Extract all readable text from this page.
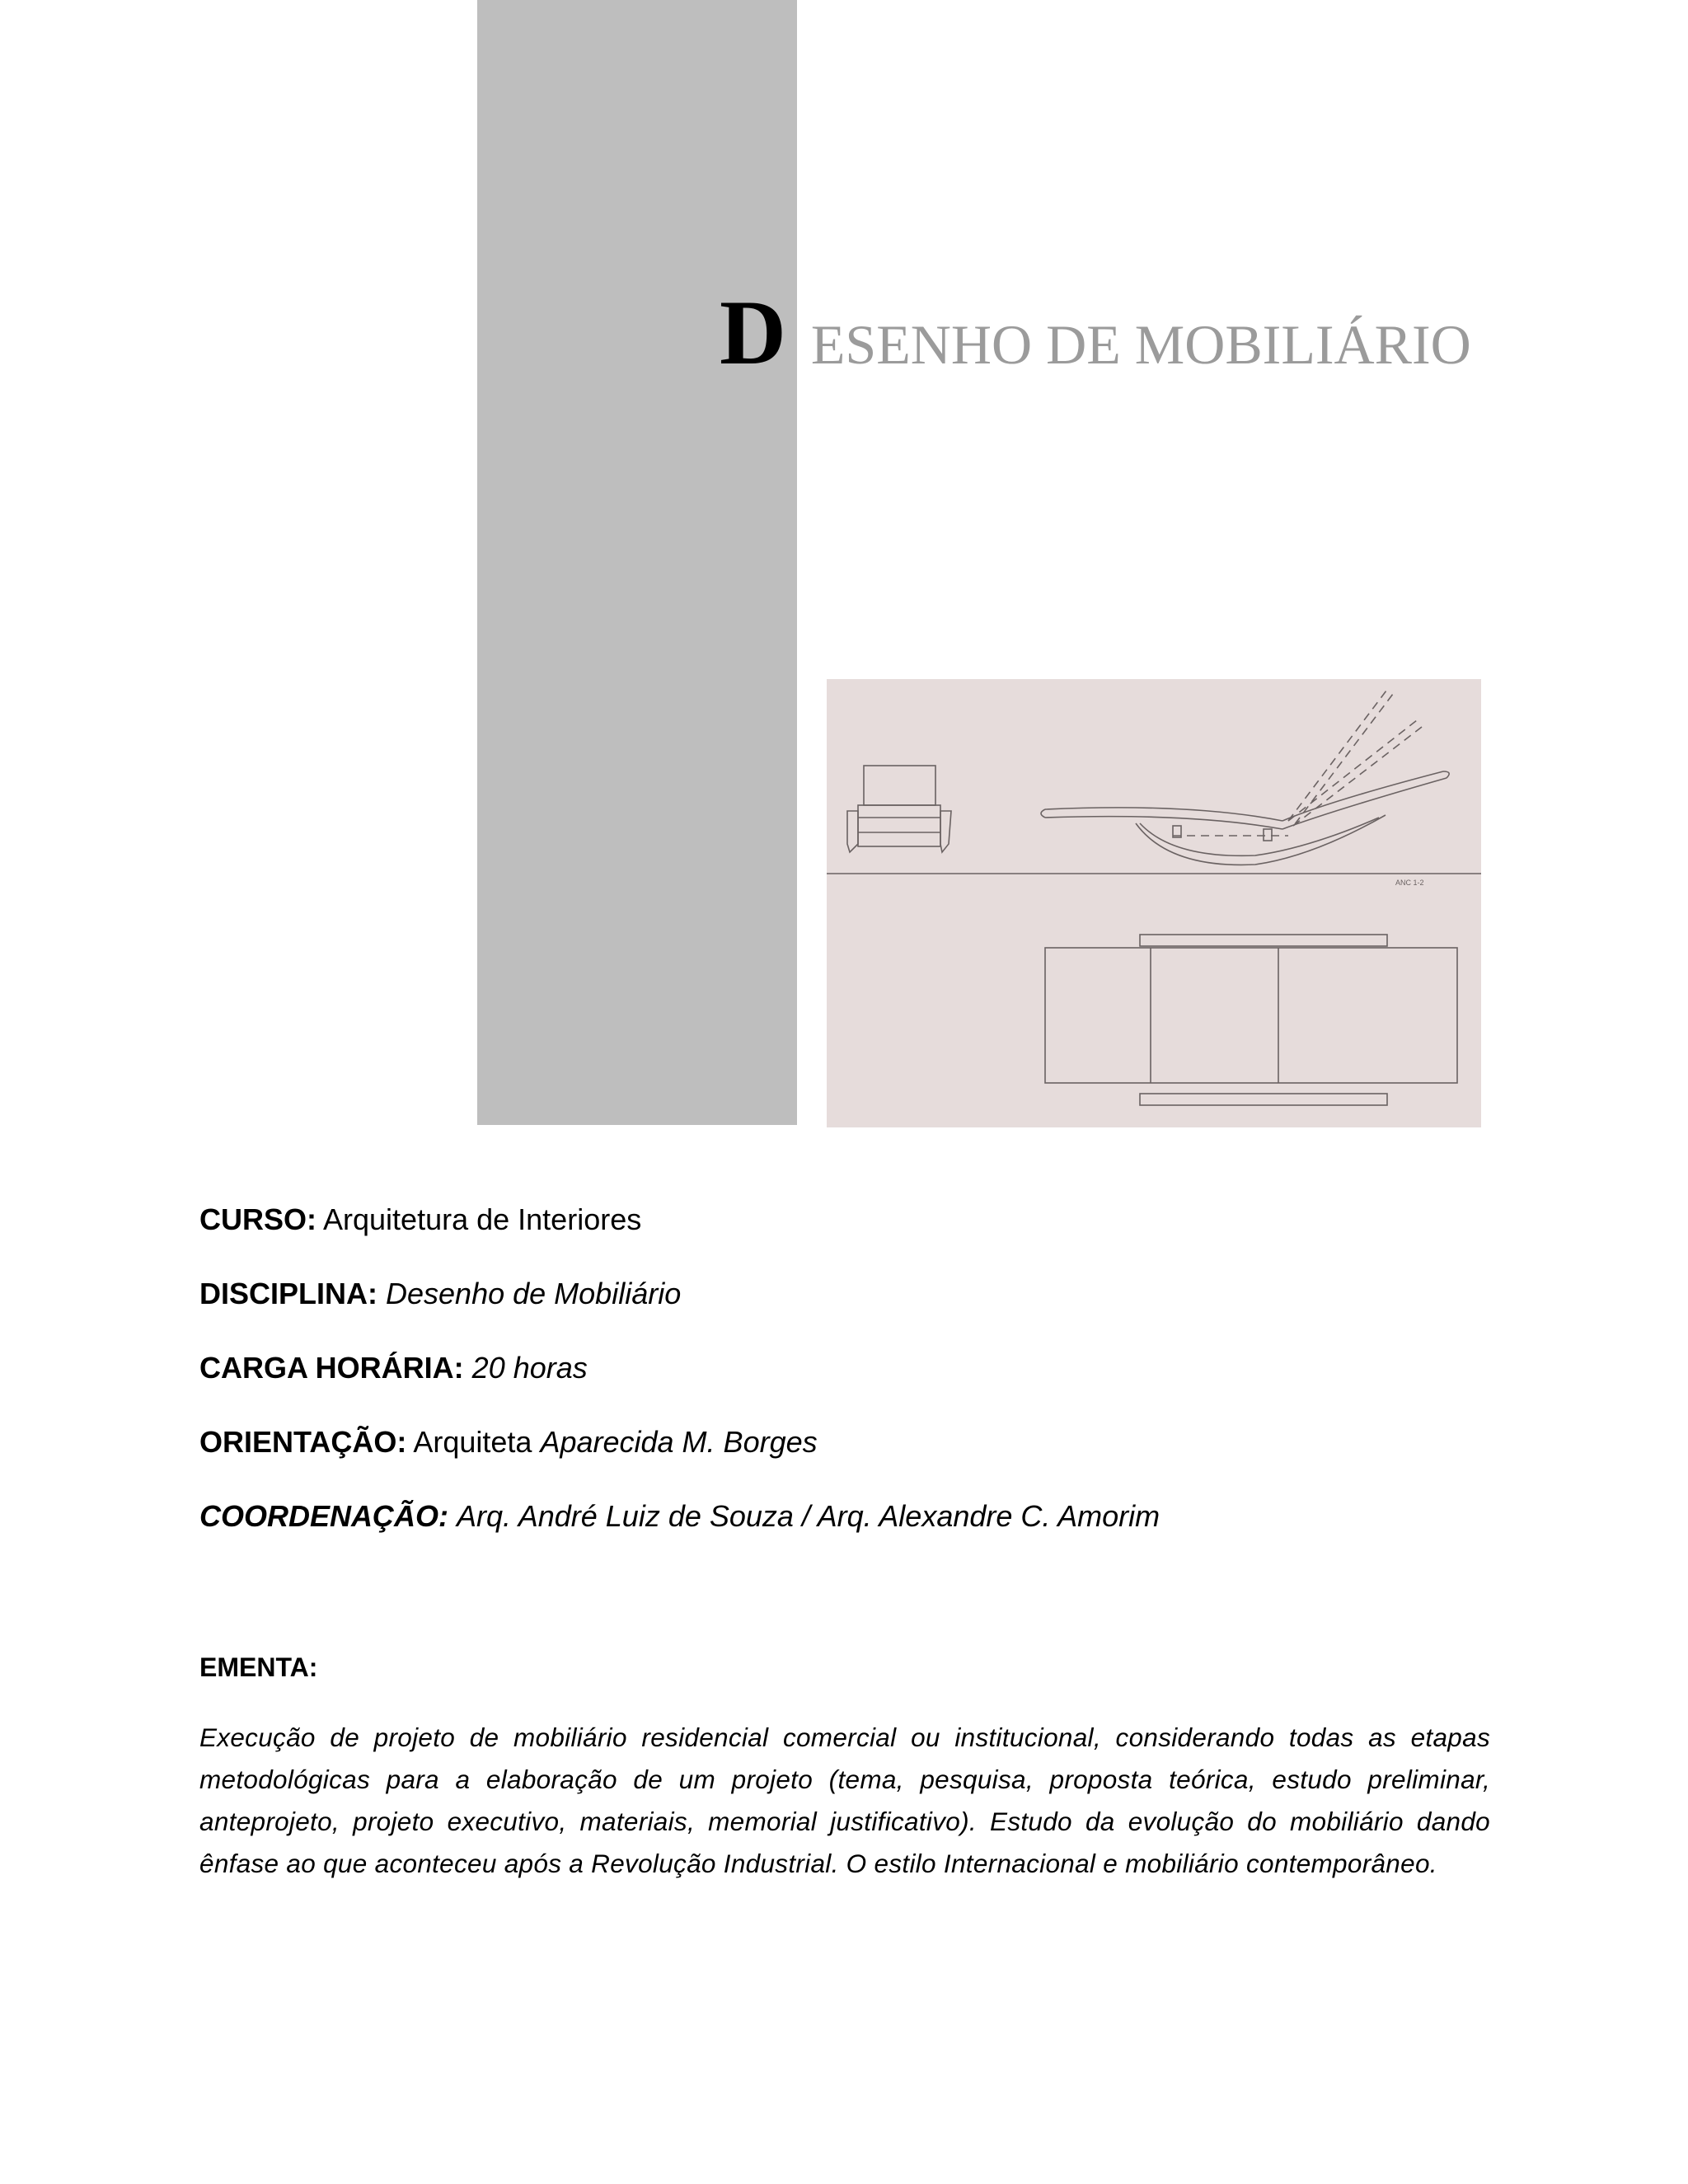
DESENHO DE MOBILIÁRIO
ANC 1-2
CURSO: Arquitetura de Interiores
DISCIPLINA: Desenho de Mobiliário
CARGA HORÁRIA: 20 horas
ORIENTAÇÃO: Arquiteta Aparecida M. Borges
COORDENAÇÃO: Arq. André Luiz de Souza / Arq. Alexandre C. Amorim
EMENTA:
Execução de projeto de mobiliário residencial comercial ou institucional, considerando todas as etapas metodológicas para a elaboração de um projeto (tema, pesquisa, proposta teórica, estudo preliminar, anteprojeto, projeto executivo, materiais, memorial justificativo). Estudo da evolução do mobiliário dando ênfase ao que aconteceu após a Revolução Industrial. O estilo Internacional e mobiliário contemporâneo.
